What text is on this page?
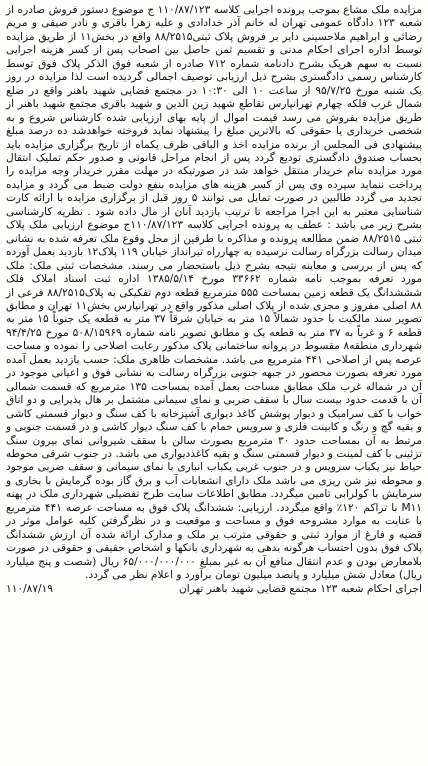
مزایده ملک مشاع بموجب پرونده اجرایی کلاسه ۱۱۰/۸۷/۱۲۳ ج موضوع دستور فروش صادره از شعبه ۱۲۳ دادگاه عمومی تهران له خانم آذر خدادادی و علیه زهرا باقری و نادر صیفی و مریم رضائی و ابراهیم ملاحسینی دایر بر فروش پلاک ثبتی۸۸/۲۵۱۵ واقع در بخش۱۱ از طریق مزایده توسط اداره اجرای احکام مدنی و تقسیم ثمن حاصل بین اصحاب پس از کسر هزینه اجرایی نسبت به سهم هریک بشرح دادنامه شماره ۷۱۲ صادره از شعبه فوق الذکر پلاک فوق توسط کارشناس رسمی دادگستری بشرح ذیل ارزیابی توصیف اجمالی گردیده است لذا مزایده در روز یک شنبه مورخ ۹۵/۷/۲۵ از ساعت ۱۰ الی ۱۰:۳۰ در مجتمع قضایی شهید باهنر واقع در ضلع شمال غرب فلکه چهارم تهرانپارس تقاطع شهید زین الدین و شهید باقری مجتمع شهید باهنر از طریق مزایده بفروش می رسد قیمت اموال از پایه بهای ارزیابی شده کارشناس شروع و به شخصی خریداری یا حقوقی که بالاترین مبلغ را پیشنهاد نماید فروخته خواهدشد ده درصد مبلغ پیشنهادی فی المجلس از برنده مزایده اخذ و الباقی ظرف یکماه از تاریخ برگزاری مزایده باید بحساب صندوق دادگستری تودیع گردد پس از انجام مراحل قانونی و صدور حکم تملیک انتقال مورد مزایده بنام خریدار منتقل خواهد شد در صورتیکه در مهلت مقرر خریدار وجه مزایده را پرداخت ننماید سپرده وی پس از کسر هزینه های مزایده بنفع دولت ضبط می گردد و مزایده تجدید می گردد طالبین در صورت تمایل می توانند ۵ روز قبل از برگزاری مزایده با ارائه کارت شناسایی معتبر به این اجرا مراجعه تا ترتیب بازدید آنان از مال داده شود . نظریه کارشناسی بشرح زیر می باشد : عطف به پرونده اجرایی کلاسه ۱۱۰/۸۷/۱۲۳ج موضوع ارزیابی ملک پلاک ثبتی ۸۸/۲۵۱۵ ضمن مطالعه پرونده و مذاکره با طرفین از محل وقوع ملک تعرفه شده به نشانی میدان رسالت بزرگراه رسالت نرسیده به چهارراه تیرانداز خیابان ۱۱۹ پلاک۱۲ بازدید بعمل آورده که پس از بررسی و معاینه نتیجه بشرح ذیل باستحضار می رسند. مشخصات ثبتی ملک: ملک مورد تعرفه بموجب نامه شماره ۳۳۶۶۲ مورخ ۱۳۸۵/۵/۱۴ اداره ثبت اسناد املاک فلک شششدانگ یک قطعه زمین بمساحت ۵۵۵ مترمربع قطعه دوم تفکیکی به پلاک۸۸/۲۵۱۵ فرعی از ۸۸ اصلی مفروز و مجزی شده از پلاک اصلی مذکور واقع در تهرانپارس بخش۱۱ تهران و مطابق تصویر سند مالکیت با حدود شمالاً ۱۵ متر به خیابان شرقاً ۳۷ متر به قطعه یک جنوباً ۱۵ متر به قطعه ۶ و غرباً به ۳۷ متر به قطعه یک و مطابق تصویر نامه شماره ۵۰۸/۱۵۹۶۹ مورخ ۹۴/۴/۲۵ شهرداری منطقه۸ مقسوط در پروانه ساختمانی پلاک مذکور رعایت اصلاحی را نموده و مساحت عرصه پس از اصلاحی ۴۴۱ مترمربع می باشد. مشخصات ظاهری ملک: حسب بازدید بعمل آمده مورد تعرفه بصورت محصور در جبهه جنوبی بزرگراه رسالت به نشانی فوق و اعیانی موجود در آن در شماله غرب ملک مطابق مساحت بعمل آمده بمساحت ۱۳۵ مترمربع که قسمت شمالی آن با قدمت حدود بیست سال با سقف ضربی و نمای سیمانی مشتمل بر هال پذیرایی و دو اتاق خواب با کف سرامیک و دیوار پوشش کاغذ دیواری آشپزخانه با کف سنگ و دیوار قسمتی کاشی و بقیه گچ و رنگ و کابینت فلزی و سرویس حمام با کف سنگ دیوار کاشی و در قسمت جنوبی و مرتبط به آن بمساحت حدود ۳۰ مترمربع بصورت سالن با سقف شیروانی نمای بیرون سنگ تزئینی با کف لمینت و دیوار قسمتی سنگ و بقیه کاغذدیواری می باشد. در جنوب شرقی محوطه حیاط نیز یکباب سرویس و در جنوب غربی یکباب انباری با نمای سیمانی و سقف ضربی موجود و محوطه نیز شن ریزی می باشد ملک دارای انشعابات آب و برق گاز بوده گرمایش با بخاری و سرمایش با کولرابی تامین میگردد. مطابق اطلاعات سایت طرح تفضیلی شهرداری ملک در پهنه M۱۱ با تراکم ۱۲۰٪ واقع میگردد. ارزیابی: ششدانگ پلاک فوق به مساحت عرصه ۴۴۱ مترمربع با عنایت به موارد مشروحه فوق و مساحت و موقعیت و در نظرگرفتن کلیه عوامل موثر در قضیه و فارغ از موارد ثبتی و حقوقی مترتب بر ملک و مدارک ارائه شده آن ارزش ششدانگ پلاک فوق بدون احتساب هرگونه بدهی به شهرداری بانکها و اشخاص حقیقی و حقوقی در صورت بلامعارض بودن و عدم انتقال منافع آن به غیر بمبلغ ۶۵/۰۰۰/۰۰۰/۰۰۰ ریال (شصت و پنج میلیارد ریال) معادل شش میلیارد و پانصد میلیون تومان برآورد و اعلام نظر می گردد.

اجرای احکام شعبه ۱۲۳ مجتمع قضایی شهید باهنر تهران
۱۱۰/۸۷/۱۹
